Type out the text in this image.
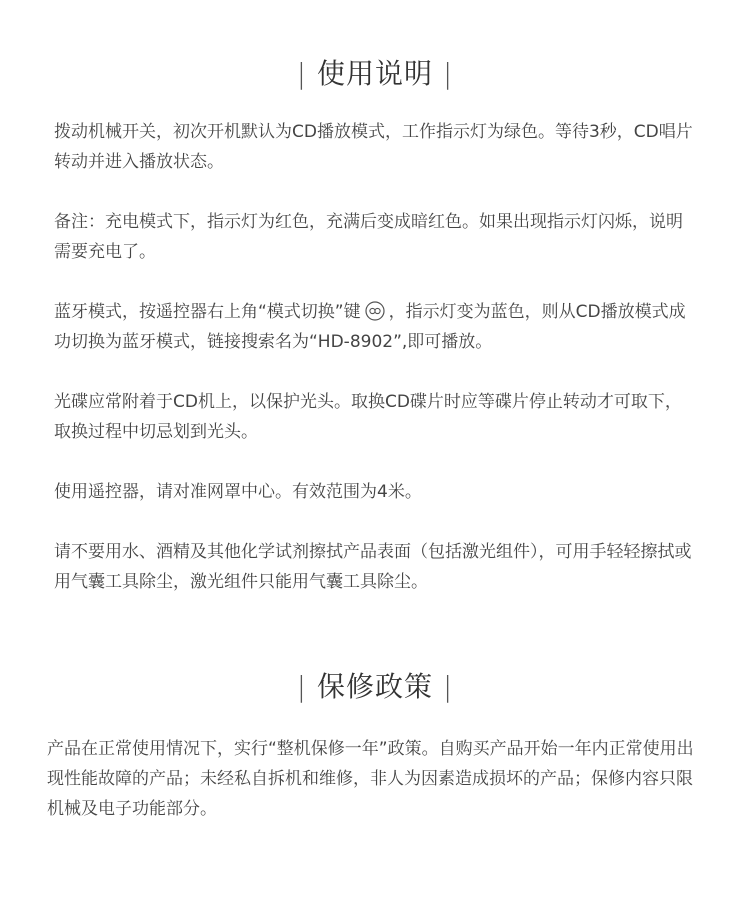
| 使用说明 |

拨动机械开关，初次开机默认为CD播放模式，工作指示灯为绿色。等待3秒，CD唱片转动并进入播放状态。

备注：充电模式下，指示灯为红色，充满后变成暗红色。如果出现指示灯闪烁，说明需要充电了。

蓝牙模式，按遥控器右上角“模式切换”键 ，指示灯变为蓝色，则从CD播放模式成功切换为蓝牙模式，链接搜索名为“HD-8902”,即可播放。

光碟应常附着于CD机上，以保护光头。取换CD碟片时应等碟片停止转动才可取下，取换过程中切忌划到光头。

使用遥控器，请对准网罩中心。有效范围为4米。

请不要用水、酒精及其他化学试剂擦拭产品表面（包括激光组件），可用手轻轻擦拭或用气囊工具除尘，激光组件只能用气囊工具除尘。

| 保修政策 |

产品在正常使用情况下，实行“整机保修一年”政策。自购买产品开始一年内正常使用出现性能故障的产品；未经私自拆机和维修，非人为因素造成损坏的产品；保修内容只限机械及电子功能部分。
